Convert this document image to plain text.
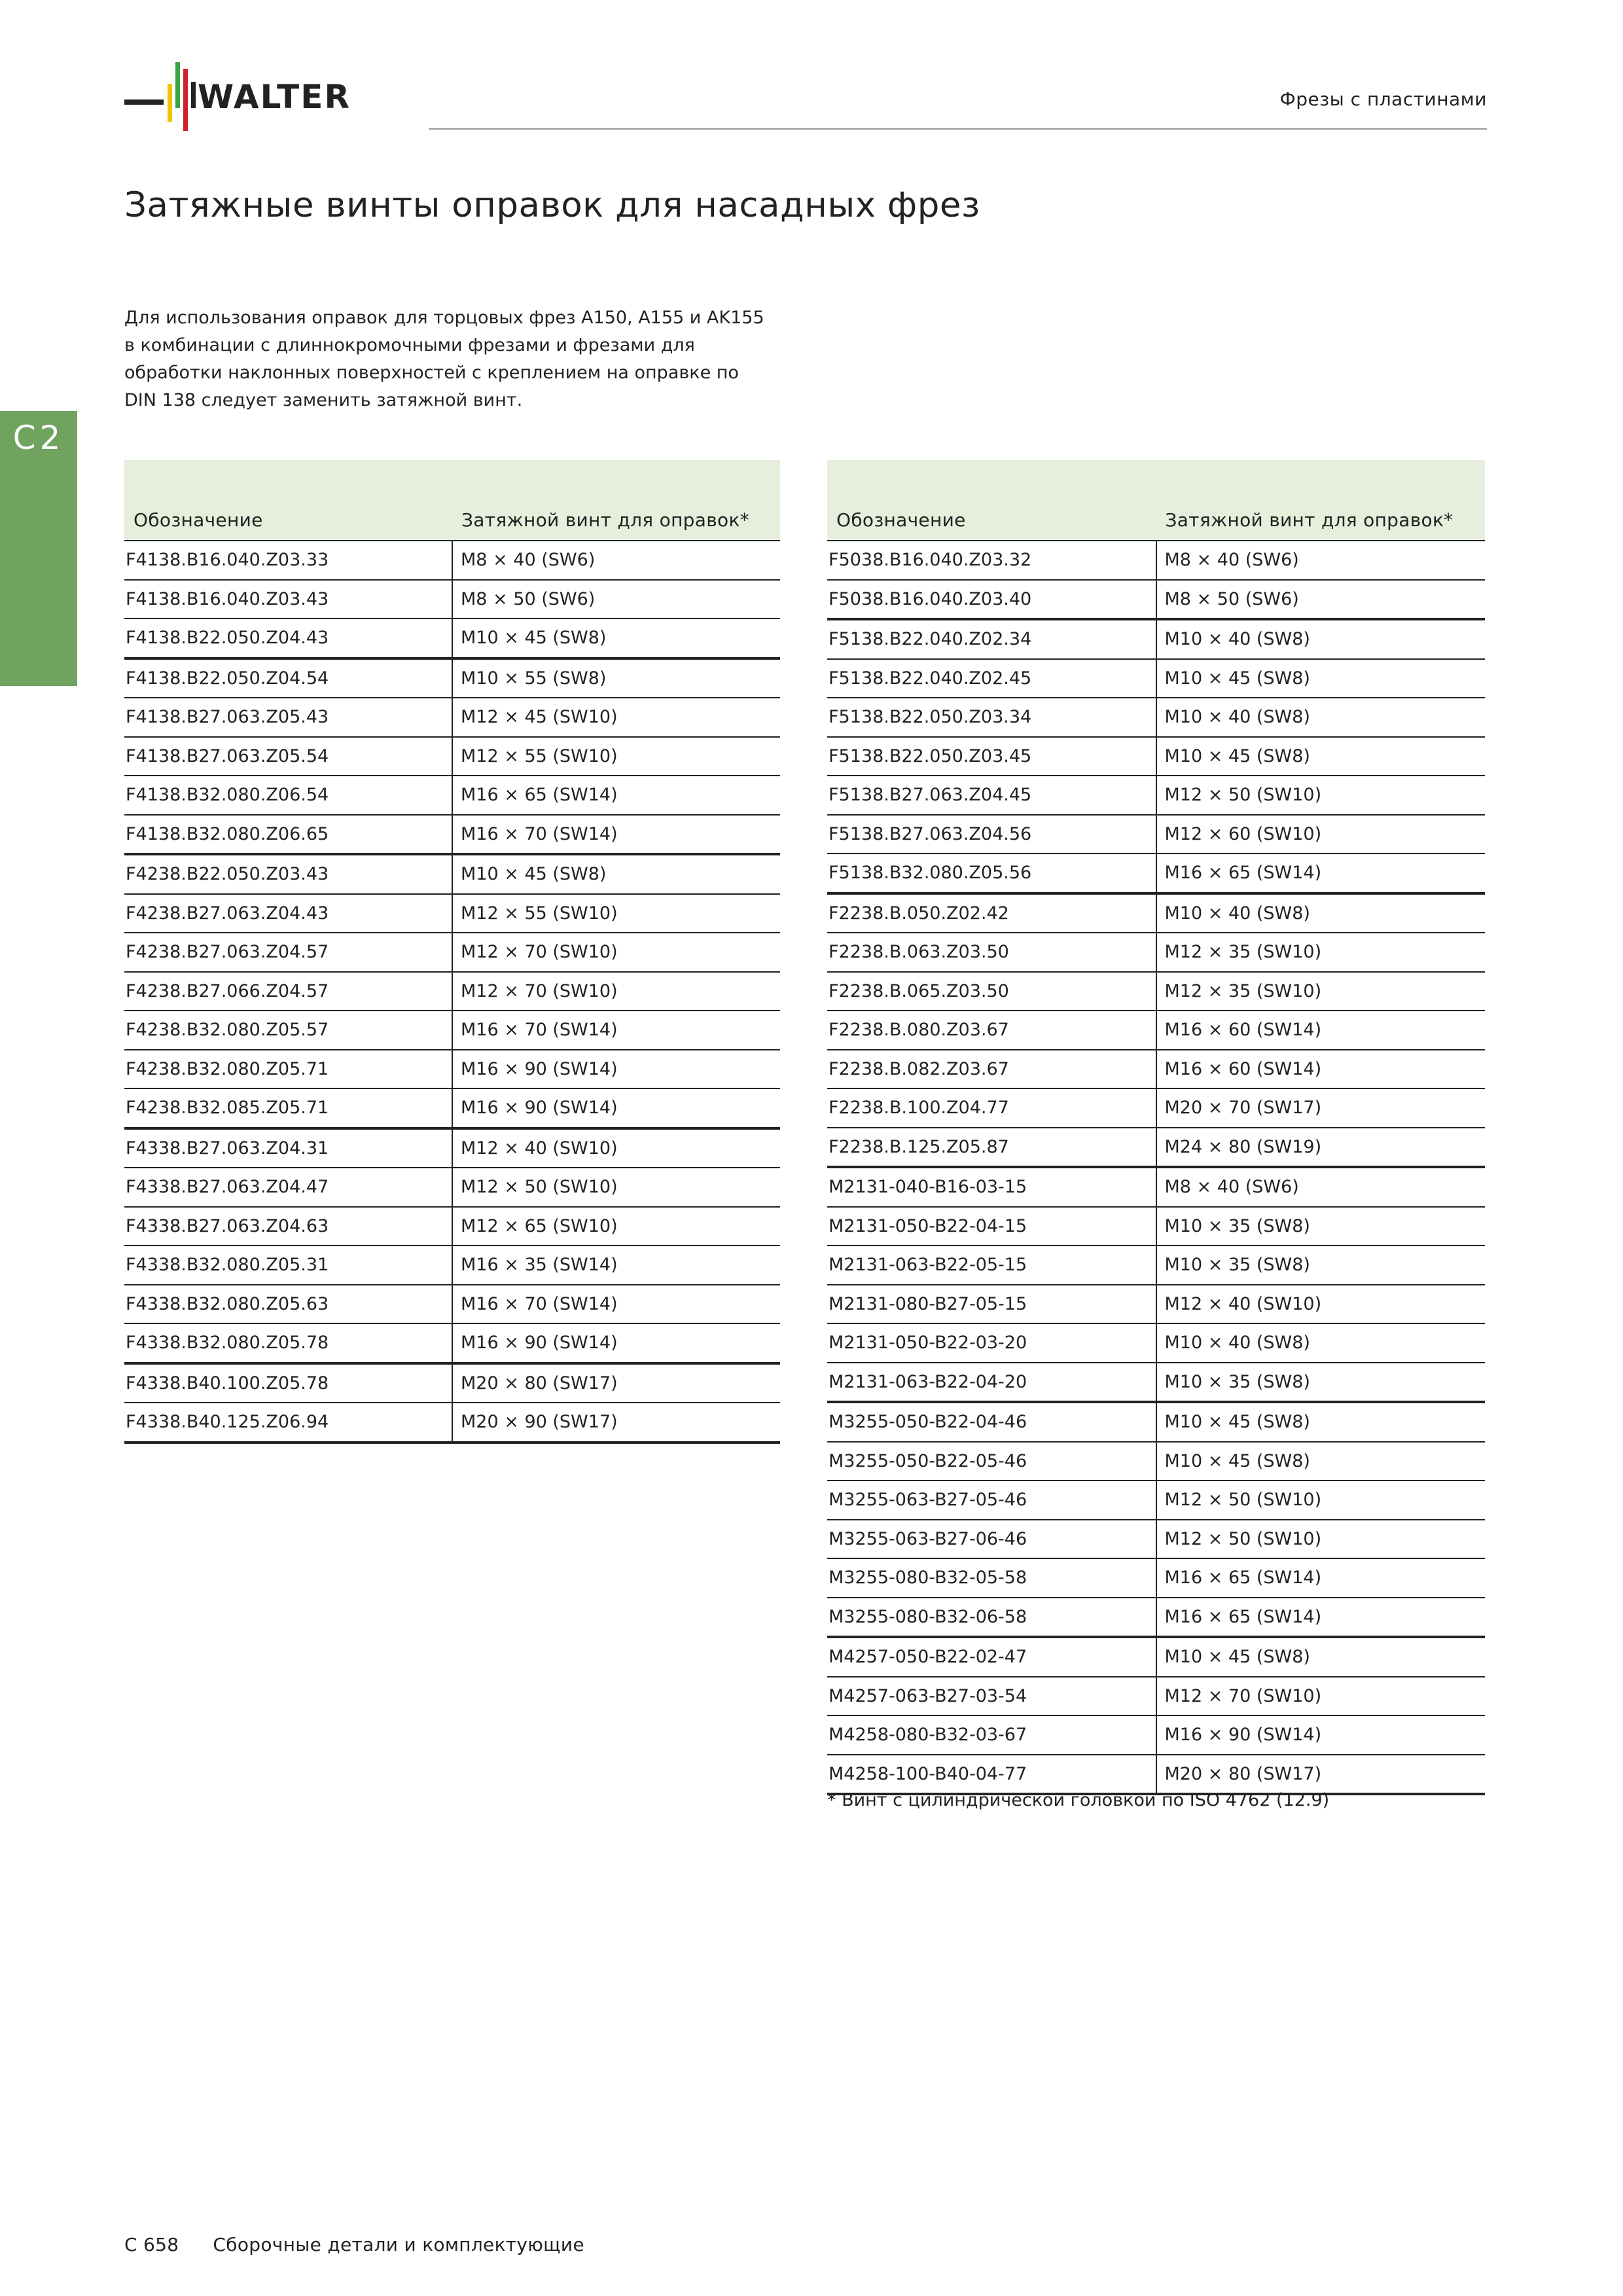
WALTER	Фрезы с пластинами
Затяжные винты оправок для насадных фрез

Для использования оправок для торцовых фрез A150, A155 и AK155 в комбинации с длиннокромочными фрезами и фрезами для обработки наклонных поверхностей с креплением на оправке по DIN 138 следует заменить затяжной винт.

C2
Обозначение	Затяжной винт для оправок*
F4138.B16.040.Z03.33	M8 × 40 (SW6)
F4138.B16.040.Z03.43	M8 × 50 (SW6)
F4138.B22.050.Z04.43	M10 × 45 (SW8)
F4138.B22.050.Z04.54	M10 × 55 (SW8)
F4138.B27.063.Z05.43	M12 × 45 (SW10)
F4138.B27.063.Z05.54	M12 × 55 (SW10)
F4138.B32.080.Z06.54	M16 × 65 (SW14)
F4138.B32.080.Z06.65	M16 × 70 (SW14)
F4238.B22.050.Z03.43	M10 × 45 (SW8)
F4238.B27.063.Z04.43	M12 × 55 (SW10)
F4238.B27.063.Z04.57	M12 × 70 (SW10)
F4238.B27.066.Z04.57	M12 × 70 (SW10)
F4238.B32.080.Z05.57	M16 × 70 (SW14)
F4238.B32.080.Z05.71	M16 × 90 (SW14)
F4238.B32.085.Z05.71	M16 × 90 (SW14)
F4338.B27.063.Z04.31	M12 × 40 (SW10)
F4338.B27.063.Z04.47	M12 × 50 (SW10)
F4338.B27.063.Z04.63	M12 × 65 (SW10)
F4338.B32.080.Z05.31	M16 × 35 (SW14)
F4338.B32.080.Z05.63	M16 × 70 (SW14)
F4338.B32.080.Z05.78	M16 × 90 (SW14)
F4338.B40.100.Z05.78	M20 × 80 (SW17)
F4338.B40.125.Z06.94	M20 × 90 (SW17)
Обозначение	Затяжной винт для оправок*
F5038.B16.040.Z03.32	M8 × 40 (SW6)
F5038.B16.040.Z03.40	M8 × 50 (SW6)
F5138.B22.040.Z02.34	M10 × 40 (SW8)
F5138.B22.040.Z02.45	M10 × 45 (SW8)
F5138.B22.050.Z03.34	M10 × 40 (SW8)
F5138.B22.050.Z03.45	M10 × 45 (SW8)
F5138.B27.063.Z04.45	M12 × 50 (SW10)
F5138.B27.063.Z04.56	M12 × 60 (SW10)
F5138.B32.080.Z05.56	M16 × 65 (SW14)
F2238.B.050.Z02.42	M10 × 40 (SW8)
F2238.B.063.Z03.50	M12 × 35 (SW10)
F2238.B.065.Z03.50	M12 × 35 (SW10)
F2238.B.080.Z03.67	M16 × 60 (SW14)
F2238.B.082.Z03.67	M16 × 60 (SW14)
F2238.B.100.Z04.77	M20 × 70 (SW17)
F2238.B.125.Z05.87	M24 × 80 (SW19)
M2131-040-B16-03-15	M8 × 40 (SW6)
M2131-050-B22-04-15	M10 × 35 (SW8)
M2131-063-B22-05-15	M10 × 35 (SW8)
M2131-080-B27-05-15	M12 × 40 (SW10)
M2131-050-B22-03-20	M10 × 40 (SW8)
M2131-063-B22-04-20	M10 × 35 (SW8)
M3255-050-B22-04-46	M10 × 45 (SW8)
M3255-050-B22-05-46	M10 × 45 (SW8)
M3255-063-B27-05-46	M12 × 50 (SW10)
M3255-063-B27-06-46	M12 × 50 (SW10)
M3255-080-B32-05-58	M16 × 65 (SW14)
M3255-080-B32-06-58	M16 × 65 (SW14)
M4257-050-B22-02-47	M10 × 45 (SW8)
M4257-063-B27-03-54	M12 × 70 (SW10)
M4258-080-B32-03-67	M16 × 90 (SW14)
M4258-100-B40-04-77	M20 × 80 (SW17)
* Винт с цилиндрической головкой по ISO 4762 (12.9)
C 658 Сборочные детали и комплектующие
